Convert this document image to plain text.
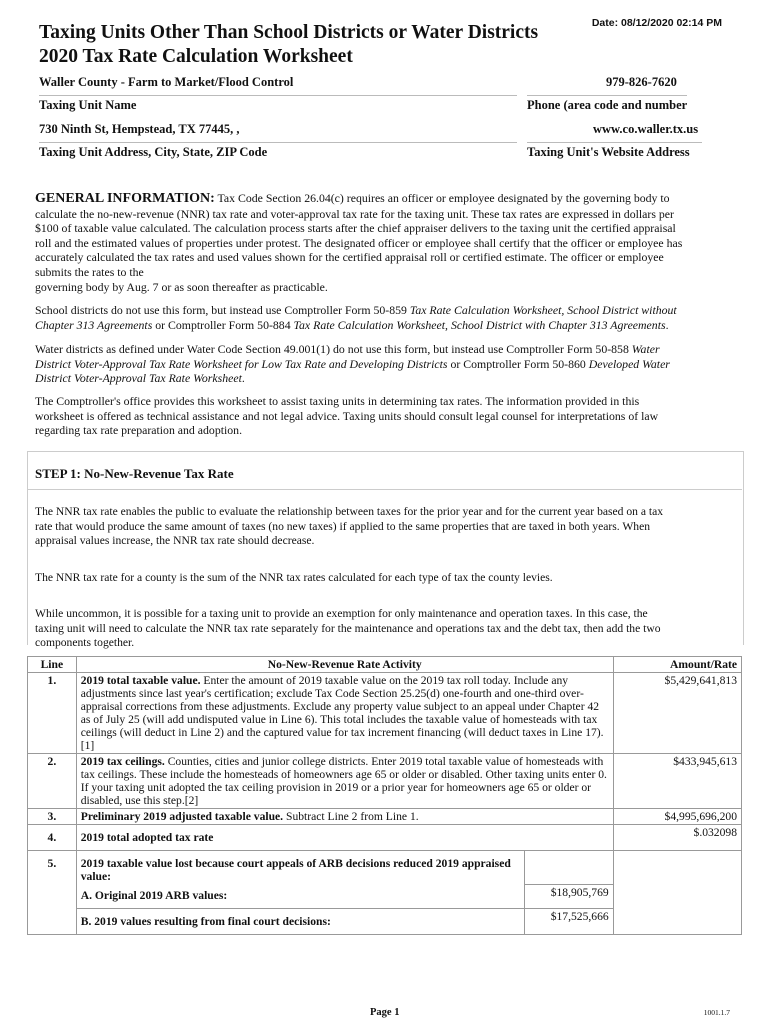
Taxing Units Other Than School Districts or Water Districts
2020 Tax Rate Calculation Worksheet
Date: 08/12/2020 02:14 PM
Waller County - Farm to Market/Flood Control	979-826-7620
Taxing Unit Name	Phone (area code and number
730 Ninth St, Hempstead, TX 77445, ,	www.co.waller.tx.us
Taxing Unit Address, City, State, ZIP Code	Taxing Unit's Website Address
GENERAL INFORMATION: Tax Code Section 26.04(c) requires an officer or employee designated by the governing body to
calculate the no-new-revenue (NNR) tax rate and voter-approval tax rate for the taxing unit. These tax rates are expressed in dollars per
$100 of taxable value calculated. The calculation process starts after the chief appraiser delivers to the taxing unit the certified appraisal
roll and the estimated values of properties under protest. The designated officer or employee shall certify that the officer or employee has
accurately calculated the tax rates and used values shown for the certified appraisal roll or certified estimate. The officer or employee
submits the rates to the
governing body by Aug. 7 or as soon thereafter as practicable.
School districts do not use this form, but instead use Comptroller Form 50-859 Tax Rate Calculation Worksheet, School District without
Chapter 313 Agreements or Comptroller Form 50-884 Tax Rate Calculation Worksheet, School District with Chapter 313 Agreements.
Water districts as defined under Water Code Section 49.001(1) do not use this form, but instead use Comptroller Form 50-858 Water
District Voter-Approval Tax Rate Worksheet for Low Tax Rate and Developing Districts or Comptroller Form 50-860 Developed Water
District Voter-Approval Tax Rate Worksheet.
The Comptroller's office provides this worksheet to assist taxing units in determining tax rates. The information provided in this
worksheet is offered as technical assistance and not legal advice. Taxing units should consult legal counsel for interpretations of law
regarding tax rate preparation and adoption.
STEP 1: No-New-Revenue Tax Rate
The NNR tax rate enables the public to evaluate the relationship between taxes for the prior year and for the current year based on a tax
rate that would produce the same amount of taxes (no new taxes) if applied to the same properties that are taxed in both years. When
appraisal values increase, the NNR tax rate should decrease.
The NNR tax rate for a county is the sum of the NNR tax rates calculated for each type of tax the county levies.
While uncommon, it is possible for a taxing unit to provide an exemption for only maintenance and operation taxes. In this case, the
taxing unit will need to calculate the NNR tax rate separately for the maintenance and operations tax and the debt tax, then add the two
components together.
Line	No-New-Revenue Rate Activity		Amount/Rate
1.	2019 total taxable value. Enter the amount of 2019 taxable value on the 2019 tax roll today. Include any adjustments since last year's certification; exclude Tax Code Section 25.25(d) one-fourth and one-third over-appraisal corrections from these adjustments. Exclude any property value subject to an appeal under Chapter 42 as of July 25 (will add undisputed value in Line 6). This total includes the taxable value of homesteads with tax ceilings (will deduct in Line 2) and the captured value for tax increment financing (will deduct taxes in Line 17).[1]		$5,429,641,813
2.	2019 tax ceilings. Counties, cities and junior college districts. Enter 2019 total taxable value of homesteads with tax ceilings. These include the homesteads of homeowners age 65 or older or disabled. Other taxing units enter 0. If your taxing unit adopted the tax ceiling provision in 2019 or a prior year for homeowners age 65 or older or disabled, use this step.[2]		$433,945,613
3.	Preliminary 2019 adjusted taxable value. Subtract Line 2 from Line 1.		$4,995,696,200
4.	2019 total adopted tax rate		$.032098
5.	2019 taxable value lost because court appeals of ARB decisions reduced 2019 appraised value:		
	A. Original 2019 ARB values:	$18,905,769	
	B. 2019 values resulting from final court decisions:	$17,525,666	
Page 1	1001.1.7
